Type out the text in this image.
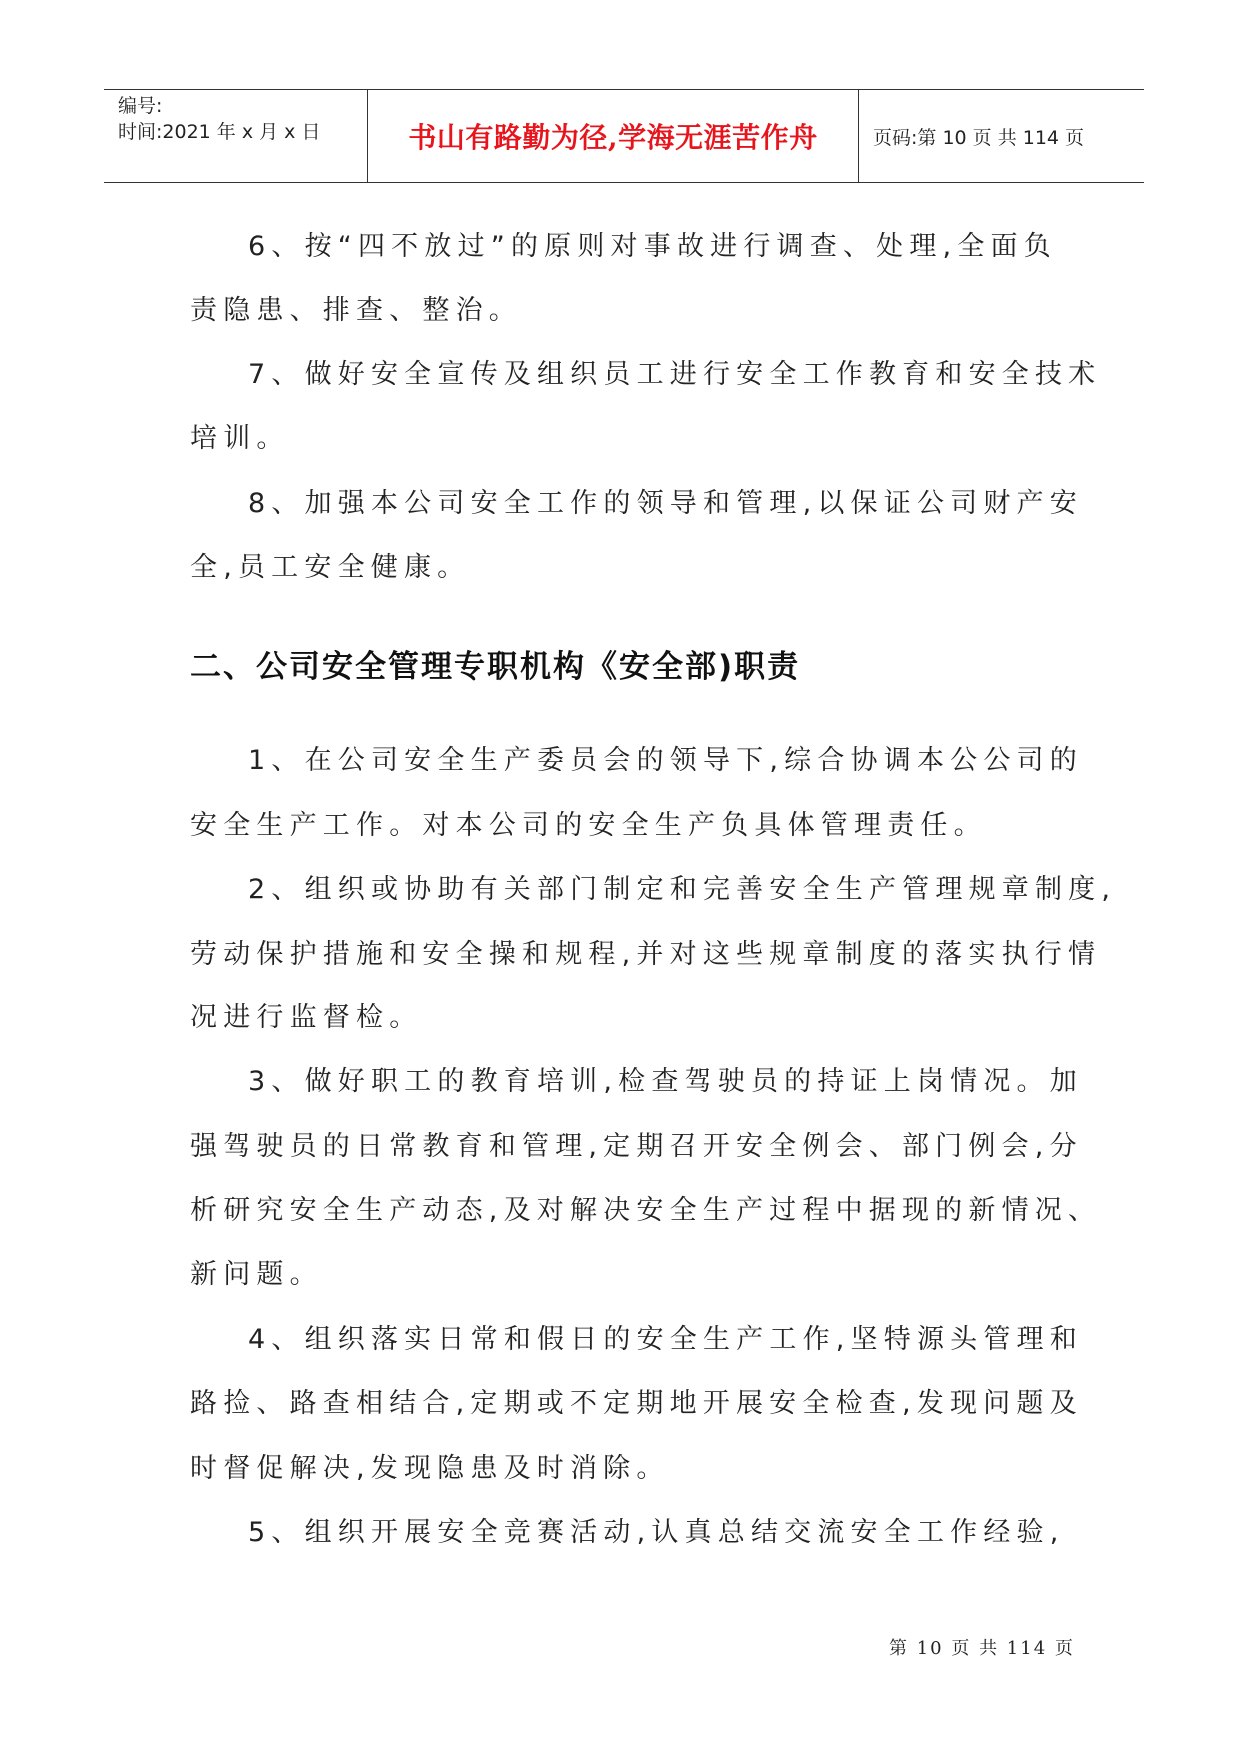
编号:
时间:2021 年 x 月 x 日	书山有路勤为径,学海无涯苦作舟	页码:第 10 页 共 114 页
6、按“四不放过”的原则对事故进行调查、处理,全面负
责隐患、排查、整治。
7、做好安全宣传及组织员工进行安全工作教育和安全技术
培训。
8、加强本公司安全工作的领导和管理,以保证公司财产安
全,员工安全健康。
二、公司安全管理专职机构《安全部)职责
1、在公司安全生产委员会的领导下,综合协调本公公司的
安全生产工作。对本公司的安全生产负具体管理责任。
2、组织或协助有关部门制定和完善安全生产管理规章制度,
劳动保护措施和安全操和规程,并对这些规章制度的落实执行情
况进行监督检。
3、做好职工的教育培训,检查驾驶员的持证上岗情况。加
强驾驶员的日常教育和管理,定期召开安全例会、部门例会,分
析研究安全生产动态,及对解决安全生产过程中据现的新情况、
新问题。
4、组织落实日常和假日的安全生产工作,坚特源头管理和
路捡、路查相结合,定期或不定期地开展安全检查,发现问题及
时督促解决,发现隐患及时消除。
5、组织开展安全竞赛活动,认真总结交流安全工作经验,
第 10 页 共 114 页
